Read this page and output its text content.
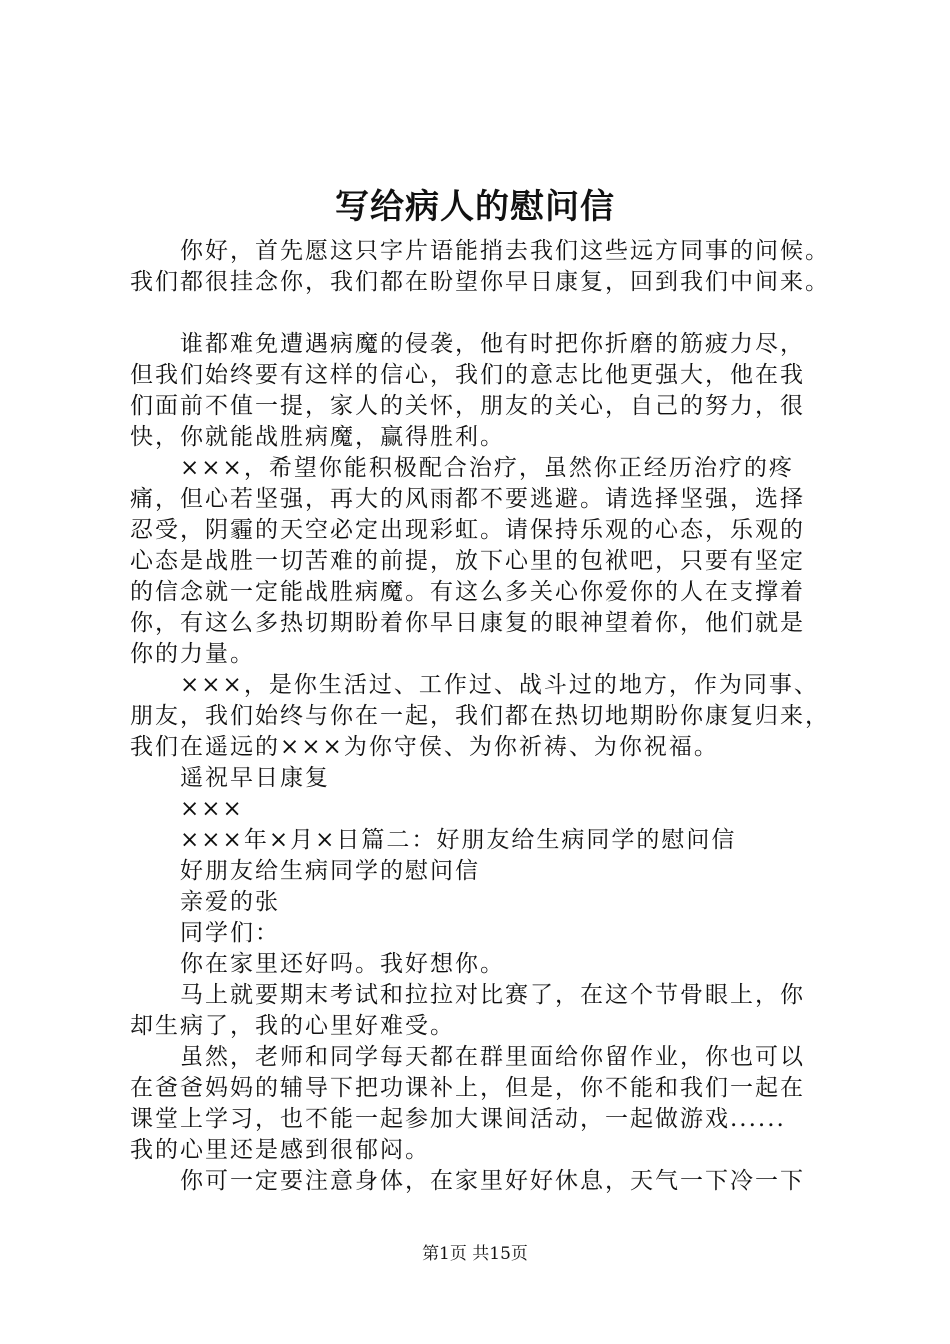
写给病人的慰问信
　　你好，首先愿这只字片语能捎去我们这些远方同事的问候。
我们都很挂念你，我们都在盼望你早日康复，回到我们中间来。
　　谁都难免遭遇病魔的侵袭，他有时把你折磨的筋疲力尽，
但我们始终要有这样的信心，我们的意志比他更强大，他在我
们面前不值一提，家人的关怀，朋友的关心，自己的努力，很
快，你就能战胜病魔，赢得胜利。
　　×××，希望你能积极配合治疗，虽然你正经历治疗的疼
痛，但心若坚强，再大的风雨都不要逃避。请选择坚强，选择
忍受，阴霾的天空必定出现彩虹。请保持乐观的心态，乐观的
心态是战胜一切苦难的前提，放下心里的包袱吧，只要有坚定
的信念就一定能战胜病魔。有这么多关心你爱你的人在支撑着
你，有这么多热切期盼着你早日康复的眼神望着你，他们就是
你的力量。
　　×××，是你生活过、工作过、战斗过的地方，作为同事、
朋友，我们始终与你在一起，我们都在热切地期盼你康复归来，
我们在遥远的×××为你守侯、为你祈祷、为你祝福。
　　遥祝早日康复
　　×××
　　×××年×月×日篇二：好朋友给生病同学的慰问信
　　好朋友给生病同学的慰问信
　　亲爱的张
　　同学们：
　　你在家里还好吗。我好想你。
　　马上就要期末考试和拉拉对比赛了，在这个节骨眼上，你
却生病了，我的心里好难受。
　　虽然，老师和同学每天都在群里面给你留作业，你也可以
在爸爸妈妈的辅导下把功课补上，但是，你不能和我们一起在
课堂上学习，也不能一起参加大课间活动，一起做游戏......
我的心里还是感到很郁闷。
　　你可一定要注意身体，在家里好好休息，天气一下冷一下
第1页 共15页
